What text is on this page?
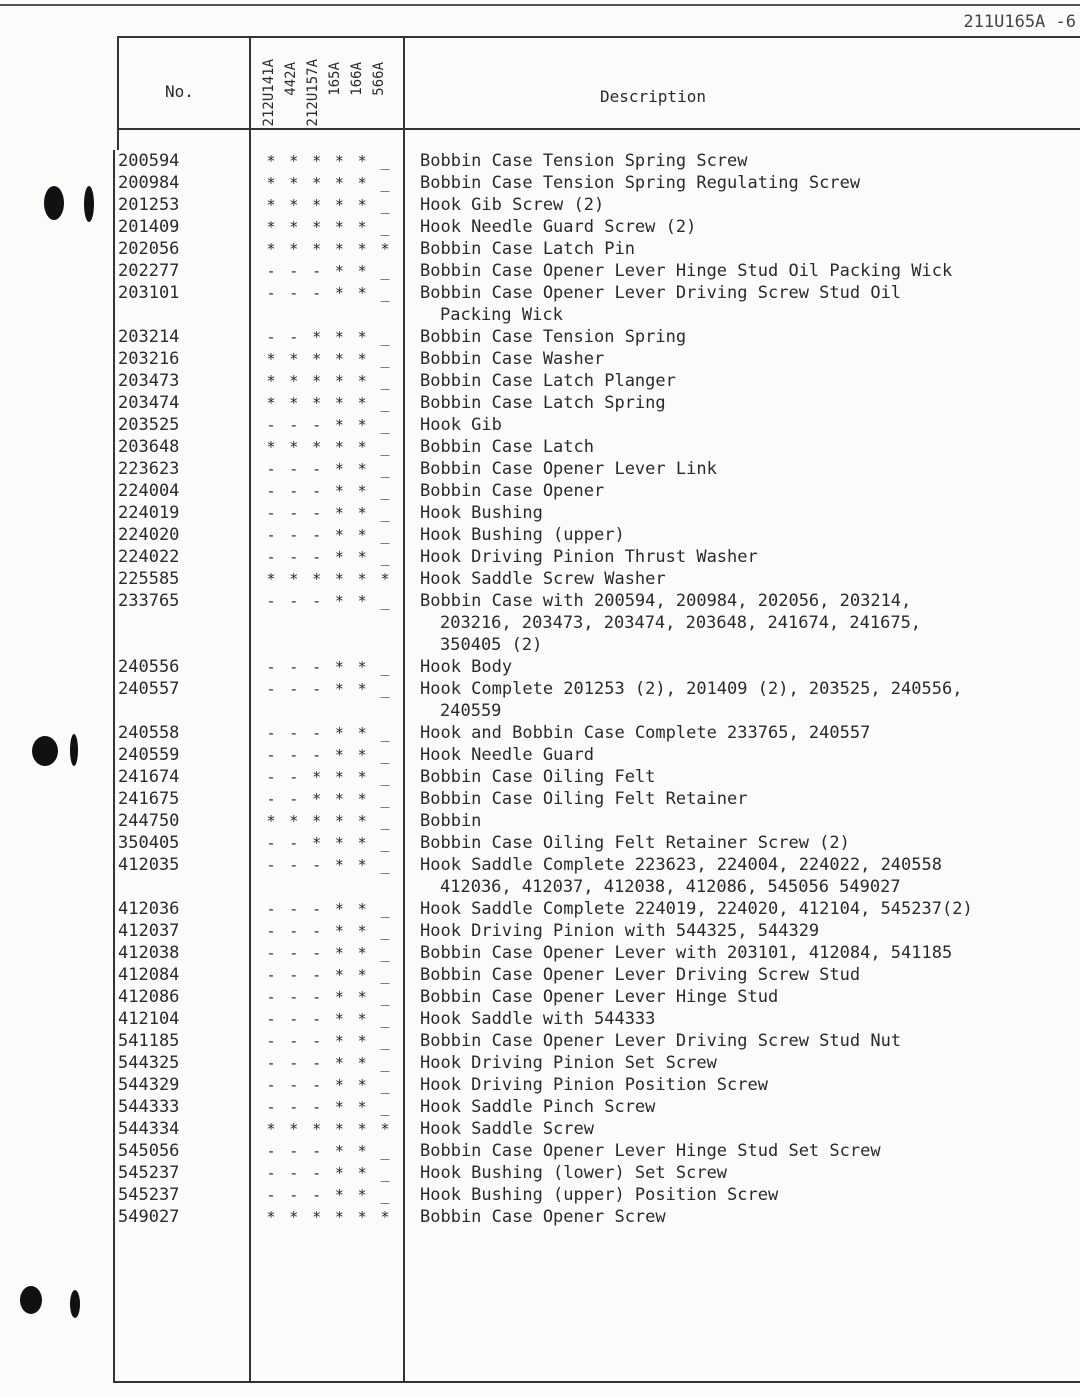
211U165A -6
No.	Description
212U141A 442A 212U157A 165A 166A 566A
200594	* * * * * _ Bobbin Case Tension Spring Screw
200984	* * * * * _ Bobbin Case Tension Spring Regulating Screw
201253	* * * * * _ Hook Gib Screw (2)
201409	* * * * * _ Hook Needle Guard Screw (2)
202056	* * * * * * Bobbin Case Latch Pin
202277	- - - * * _ Bobbin Case Opener Lever Hinge Stud Oil Packing Wick
203101	- - - * * _ Bobbin Case Opener Lever Driving Screw Stud Oil
Packing Wick
203214	- - * * * _ Bobbin Case Tension Spring
203216	* * * * * _ Bobbin Case Washer
203473	* * * * * _ Bobbin Case Latch Planger
203474	* * * * * _ Bobbin Case Latch Spring
203525	- - - * * _ Hook Gib
203648	* * * * * _ Bobbin Case Latch
223623	- - - * * _ Bobbin Case Opener Lever Link
224004	- - - * * _ Bobbin Case Opener
224019	- - - * * _ Hook Bushing
224020	- - - * * _ Hook Bushing (upper)
224022	- - - * * _ Hook Driving Pinion Thrust Washer
225585	* * * * * * Hook Saddle Screw Washer
233765	- - - * * _ Bobbin Case with 200594, 200984, 202056, 203214,
203216, 203473, 203474, 203648, 241674, 241675,
350405 (2)
240556	- - - * * _ Hook Body
240557	- - - * * _ Hook Complete 201253 (2), 201409 (2), 203525, 240556,
240559
240558	- - - * * _ Hook and Bobbin Case Complete 233765, 240557
240559	- - - * * _ Hook Needle Guard
241674	- - * * * _ Bobbin Case Oiling Felt
241675	- - * * * _ Bobbin Case Oiling Felt Retainer
244750	* * * * * _ Bobbin
350405	- - * * * _ Bobbin Case Oiling Felt Retainer Screw (2)
412035	- - - * * _ Hook Saddle Complete 223623, 224004, 224022, 240558
412036, 412037, 412038, 412086, 545056 549027
412036	- - - * * _ Hook Saddle Complete 224019, 224020, 412104, 545237(2)
412037	- - - * * _ Hook Driving Pinion with 544325, 544329
412038	- - - * * _ Bobbin Case Opener Lever with 203101, 412084, 541185
412084	- - - * * _ Bobbin Case Opener Lever Driving Screw Stud
412086	- - - * * _ Bobbin Case Opener Lever Hinge Stud
412104	- - - * * _ Hook Saddle with 544333
541185	- - - * * _ Bobbin Case Opener Lever Driving Screw Stud Nut
544325	- - - * * _ Hook Driving Pinion Set Screw
544329	- - - * * _ Hook Driving Pinion Position Screw
544333	- - - * * _ Hook Saddle Pinch Screw
544334	* * * * * * Hook Saddle Screw
545056	- - - * * _ Bobbin Case Opener Lever Hinge Stud Set Screw
545237	- - - * * _ Hook Bushing (lower) Set Screw
545237	- - - * * _ Hook Bushing (upper) Position Screw
549027	* * * * * * Bobbin Case Opener Screw
